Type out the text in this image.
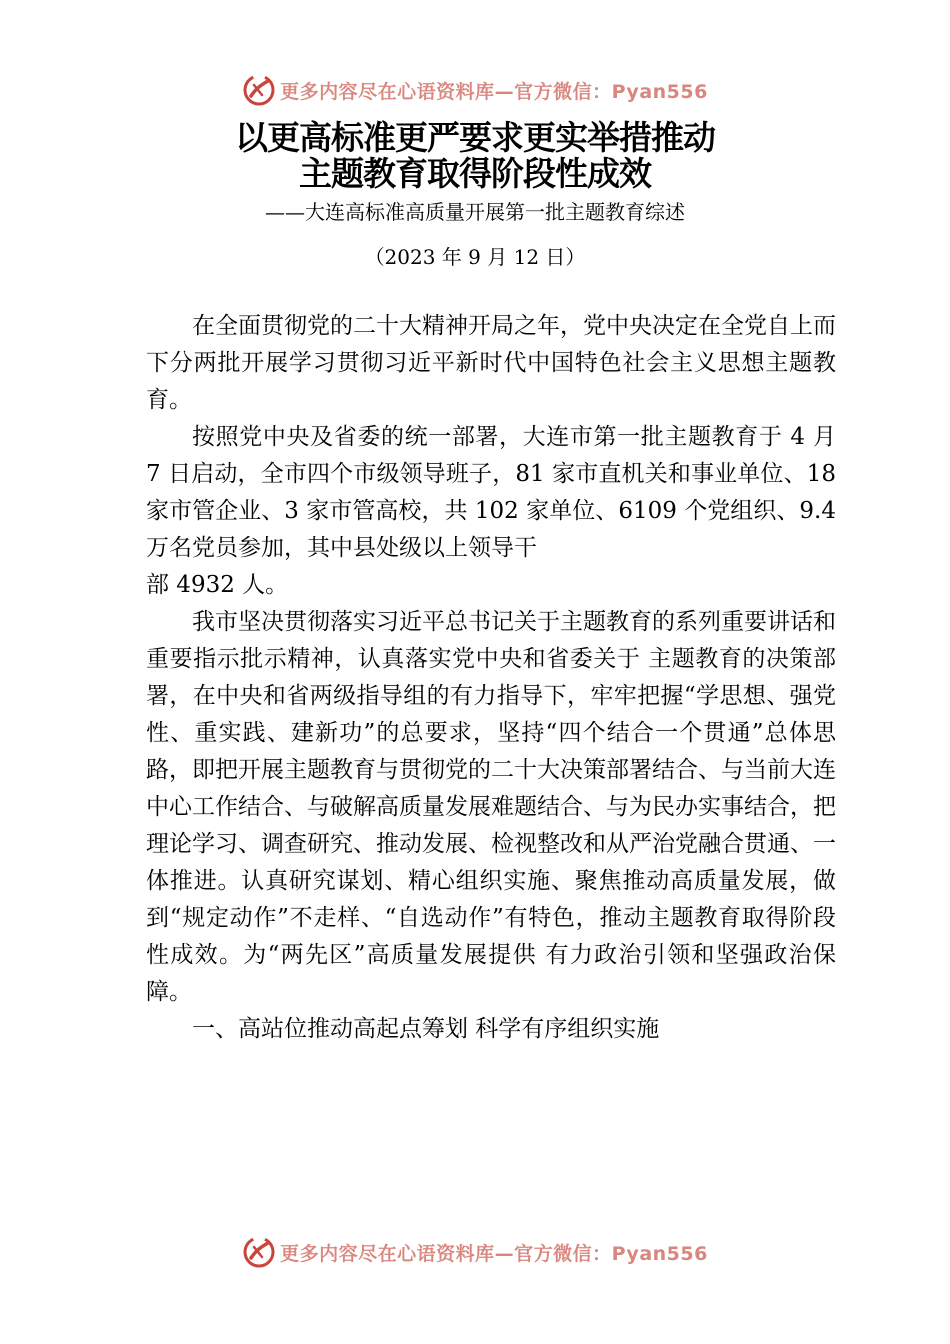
更多内容尽在心语资料库—官方微信：Pyan556
以更高标准更严要求更实举措推动
主题教育取得阶段性成效
——大连高标准高质量开展第一批主题教育综述
（2023 年 9 月 12 日）

在全面贯彻党的二十大精神开局之年，党中央决定在全党自上而下分两批开展学习贯彻习近平新时代中国特色社会主义思想主题教育。

按照党中央及省委的统一部署，大连市第一批主题教育于 4 月 7 日启动，全市四个市级领导班子，81 家市直机关和事业单位、18 家市管企业、3 家市管高校，共 102 家单位、6109 个党组织、9.4 万名党员参加，其中县处级以上领导干

部 4932 人。

我市坚决贯彻落实习近平总书记关于主题教育的系列重要讲话和重要指示批示精神，认真落实党中央和省委关于 主题教育的决策部署，在中央和省两级指导组的有力指导下，牢牢把握“学思想、强党性、重实践、建新功”的总要求，坚持“四个结合一个贯通”总体思路，即把开展主题教育与贯彻党的二十大决策部署结合、与当前大连中心工作结合、与破解高质量发展难题结合、与为民办实事结合，把理论学习、调查研究、推动发展、检视整改和从严治党融合贯通、一体推进。认真研究谋划、精心组织实施、聚焦推动高质量发展，做到“规定动作”不走样、“自选动作”有特色，推动主题教育取得阶段性成效。为“两先区”高质量发展提供 有力政治引领和坚强政治保障。

一、高站位推动高起点筹划 科学有序组织实施

更多内容尽在心语资料库—官方微信：Pyan556
